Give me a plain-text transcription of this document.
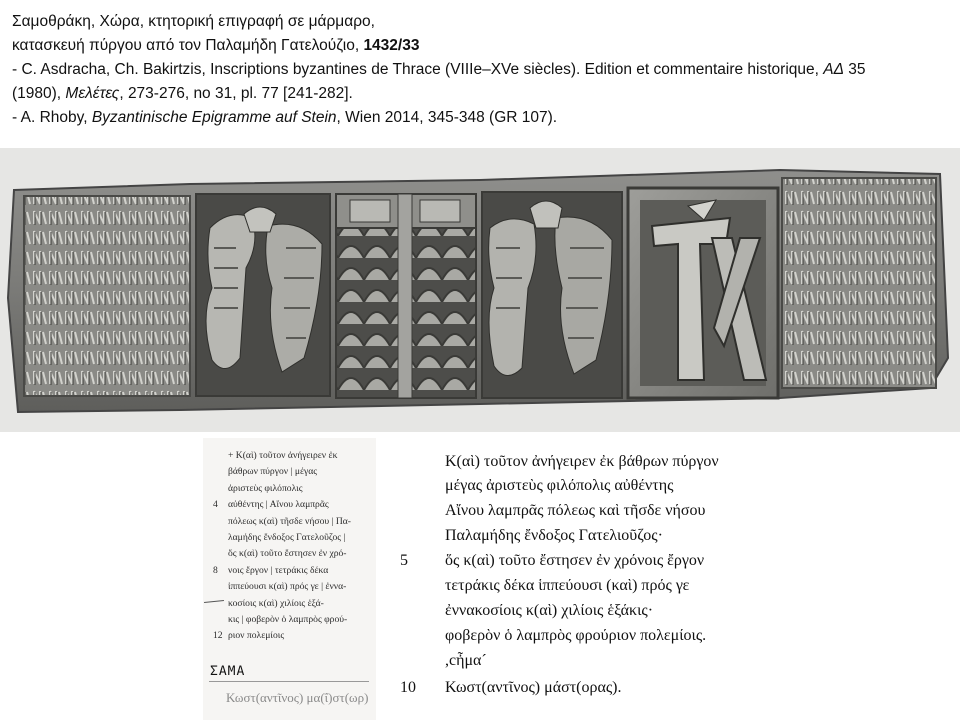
Σαμοθράκη, Χώρα, κτητορική επιγραφή σε μάρμαρο,
κατασκευή πύργου από τον Παλαμήδη Γατελούζιο, 1432/33
- C. Asdracha, Ch. Bakirtzis, Inscriptions byzantines de Thrace (VIIIe–XVe siècles). Edition et commentaire historique, ΑΔ 35
(1980), Μελέτες, 273-276, no 31, pl. 77 [241-282].
- A. Rhoby, Byzantinische Epigramme auf Stein, Wien 2014, 345-348 (GR 107).
+ Κ(αὶ) τοῦτον ἀνήγειρεν ἐκ
βάθρων πύργον | μέγας
ἀριστεὺς φιλόπολις
4	αὐθέντης | Αἴνου λαμπρᾶς
πόλεως κ(αὶ) τῆσδε νήσου | Πα-
λαμήδης ἔνδοξος Γατελοῦζος |
ὅς κ(αὶ) τοῦτο ἔστησεν ἐν χρό-
8	νοις ἔργον | τετράκις δέκα
ἱππεύουσι κ(αὶ) πρός γε | ἐννα-
κοσίοις κ(αὶ) χιλίοις ἑξά-
κις | φοβερὸν ὁ λαμπρὸς φρού-
12 ριον πολεμίοις
ΣΑΜΑ
Κωστ(αντῖνος) μα(ΐ)στ(ωρ)
Κ(αὶ) τοῦτον ἀνήγειρεν ἐκ βάθρων πύργον
μέγας ἀριστεὺς φιλόπολις αὐθέντης
Αἴνου λαμπρᾶς πόλεως καὶ τῆσδε νήσου
Παλαμήδης ἔνδοξος Γατελιοῦζος·
5	ὅς κ(αὶ) τοῦτο ἔστησεν ἐν χρόνοις ἔργον
τετράκις δέκα ἱππεύουσι (καὶ) πρός γε
ἐννακοσίοις κ(αὶ) χιλίοις ἑξάκις·
φοβερὸν ὁ λαμπρὸς φρούριον πολεμίοις.
,cἦμα´
10	Κωστ(αντῖνος) μάστ(ορας).
